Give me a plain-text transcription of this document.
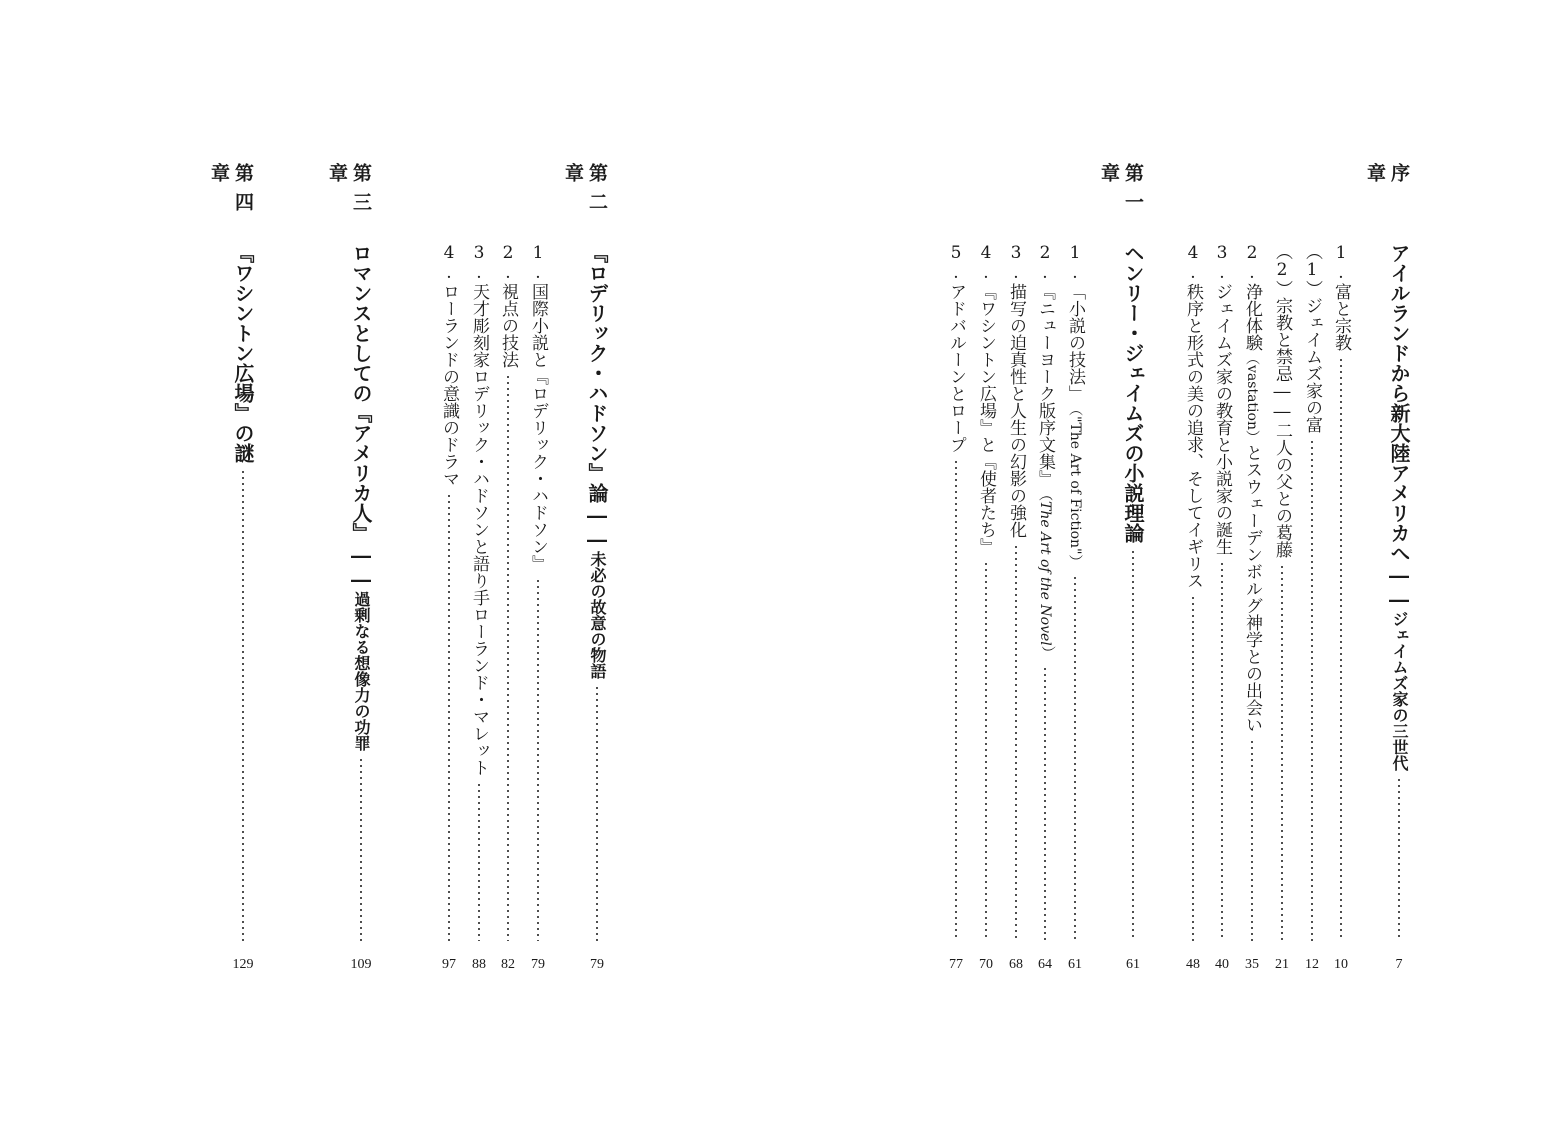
序　章
アイルランドから新大陸アメリカへ
――
ジェイムズ家の三世代
7
1.
富と宗教
10
（1）
ジェイムズ家の富
12
（2）
宗教と禁忌――二人の父との葛藤
21
2.
浄化体験
（vastation）
とスウェーデンボルグ神学との出会い
35
3.
ジェイムズ家の教育と小説家の誕生
40
4.
秩序と形式の美の追求、そしてイギリス
48
第一章
ヘンリー・ジェイムズの小説理論
61
1.
「小説の技法」
（"The Art of Fiction"）
61
2.
『ニューヨーク版序文集』
（The Art of the Novel）
64
3.
描写の迫真性と人生の幻影の強化
68
4.
『ワシントン広場』と『使者たち』
70
5.
アドバルーンとロープ
77
第二章
『ロデリック・ハドソン』論
――
未必の故意の物語
79
1.
国際小説と『ロデリック・ハドソン』
79
2.
視点の技法
82
3.
天才彫刻家ロデリック・ハドソンと語り手ローランド・マレット
88
4.
ローランドの意識のドラマ
97
第三章
ロマンスとしての『アメリカ人』
――
過剰なる想像力の功罪
109
第四章
『ワシントン広場』の謎
129
